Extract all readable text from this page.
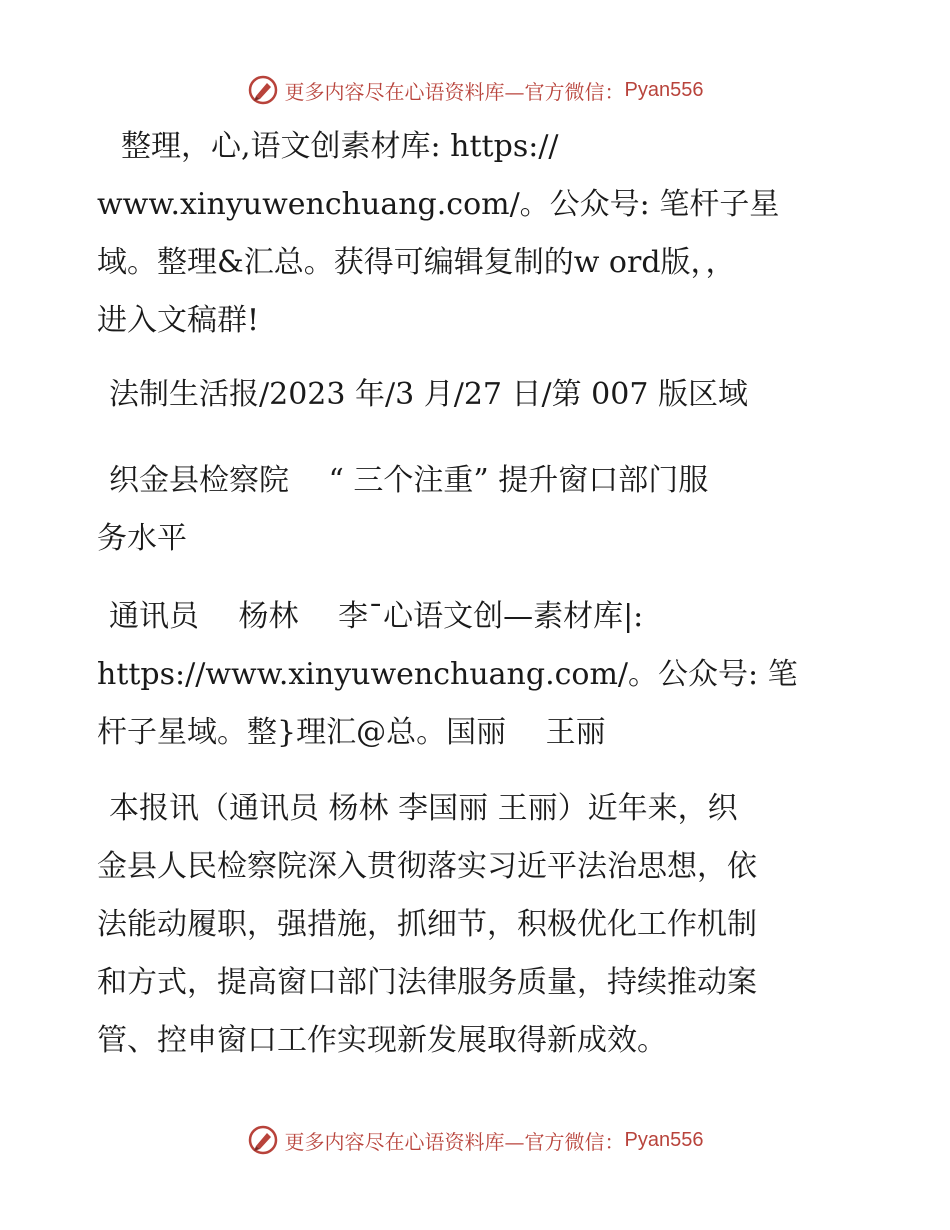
更多内容尽在心语资料库—官方微信： Pyan556

整理，心,语文创素材库: https://
www.xinyuwenchuang.com/。公众号: 笔杆子星
域。整理&汇总。获得可编辑复制的w ord版，，
进入文稿群!

法制生活报/2023 年/3 月/27 日/第 007 版区域

织金县检察院　 “ 三个注重” 提升窗口部门服
务水平

通讯员　 杨林　 李¯心语文创—素材库|:
https://www.xinyuwenchuang.com/。公众号: 笔
杆子星域。整}理汇@总。国丽　 王丽

本报讯（通讯员 杨林 李国丽 王丽）近年来，织
金县人民检察院深入贯彻落实习近平法治思想，依
法能动履职，强措施，抓细节，积极优化工作机制
和方式，提高窗口部门法律服务质量，持续推动案
管、控申窗口工作实现新发展取得新成效。

更多内容尽在心语资料库—官方微信： Pyan556
